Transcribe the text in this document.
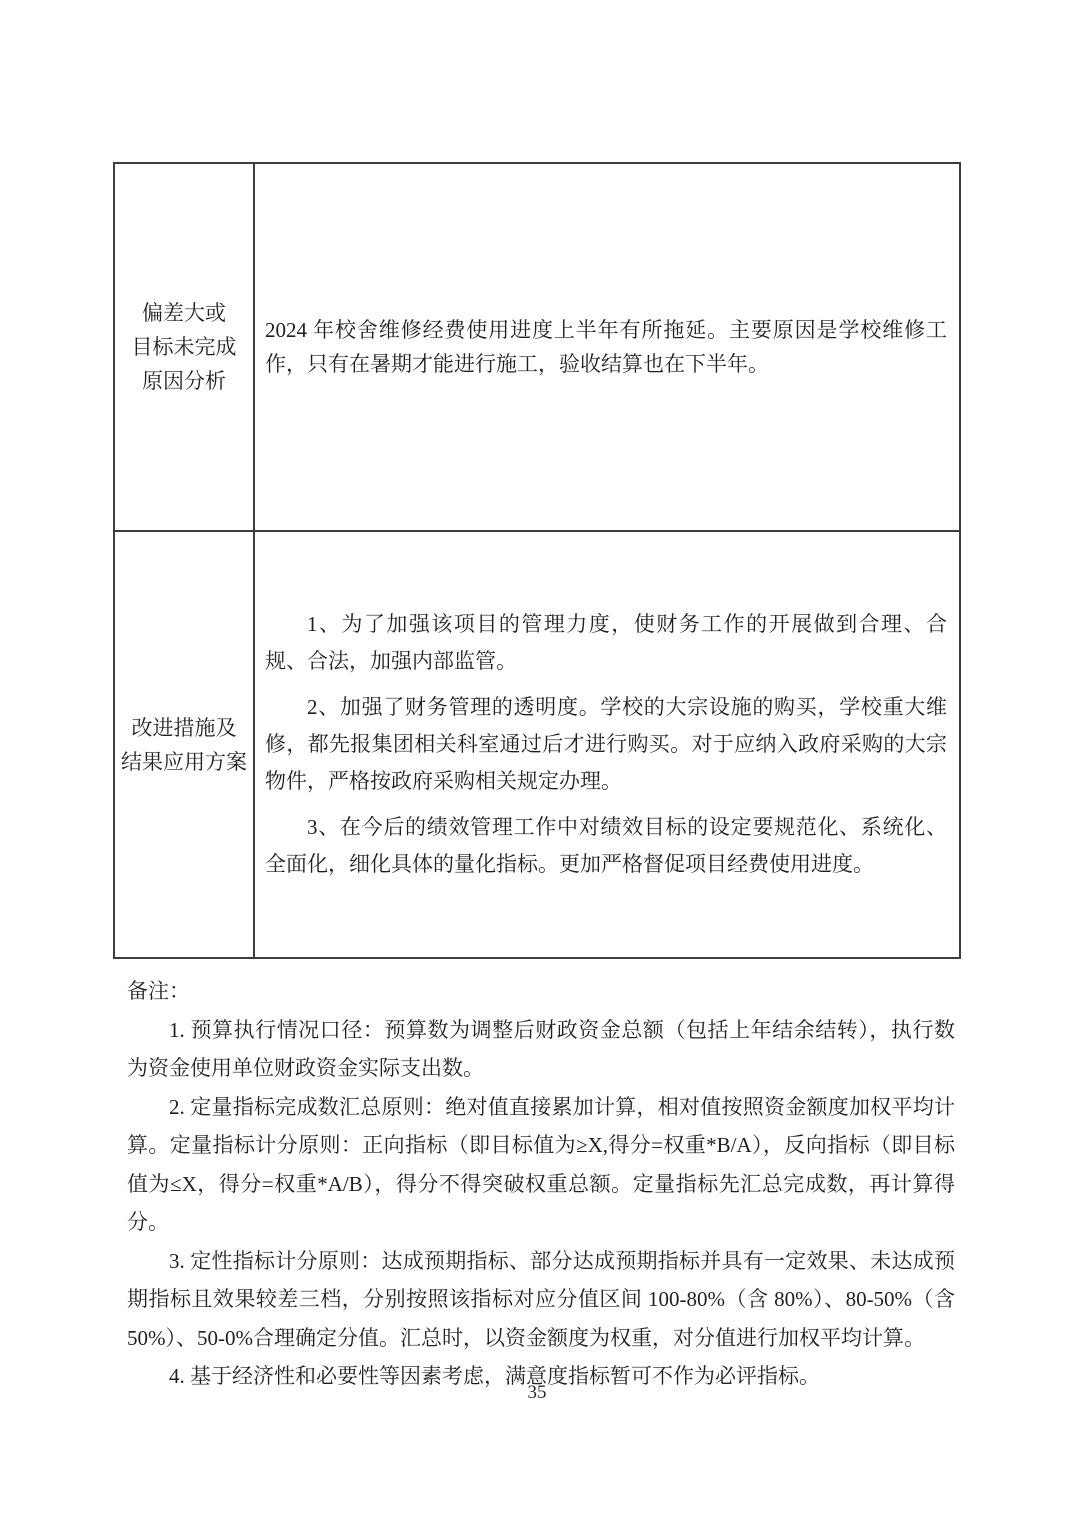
偏差大或
目标未完成
原因分析

2024 年校舍维修经费使用进度上半年有所拖延。主要原因是学校维修工作，只有在暑期才能进行施工，验收结算也在下半年。

改进措施及
结果应用方案

1、为了加强该项目的管理力度，使财务工作的开展做到合理、合规、合法，加强内部监管。

2、加强了财务管理的透明度。学校的大宗设施的购买，学校重大维修，都先报集团相关科室通过后才进行购买。对于应纳入政府采购的大宗物件，严格按政府采购相关规定办理。

3、在今后的绩效管理工作中对绩效目标的设定要规范化、系统化、全面化，细化具体的量化指标。更加严格督促项目经费使用进度。

备注：

1. 预算执行情况口径：预算数为调整后财政资金总额（包括上年结余结转），执行数为资金使用单位财政资金实际支出数。

2. 定量指标完成数汇总原则：绝对值直接累加计算，相对值按照资金额度加权平均计算。定量指标计分原则：正向指标（即目标值为≥X,得分=权重*B/A），反向指标（即目标值为≤X，得分=权重*A/B），得分不得突破权重总额。定量指标先汇总完成数，再计算得分。

3. 定性指标计分原则：达成预期指标、部分达成预期指标并具有一定效果、未达成预期指标且效果较差三档，分别按照该指标对应分值区间 100-80%（含 80%）、80-50%（含 50%）、50-0%合理确定分值。汇总时，以资金额度为权重，对分值进行加权平均计算。

4. 基于经济性和必要性等因素考虑，满意度指标暂可不作为必评指标。

35
